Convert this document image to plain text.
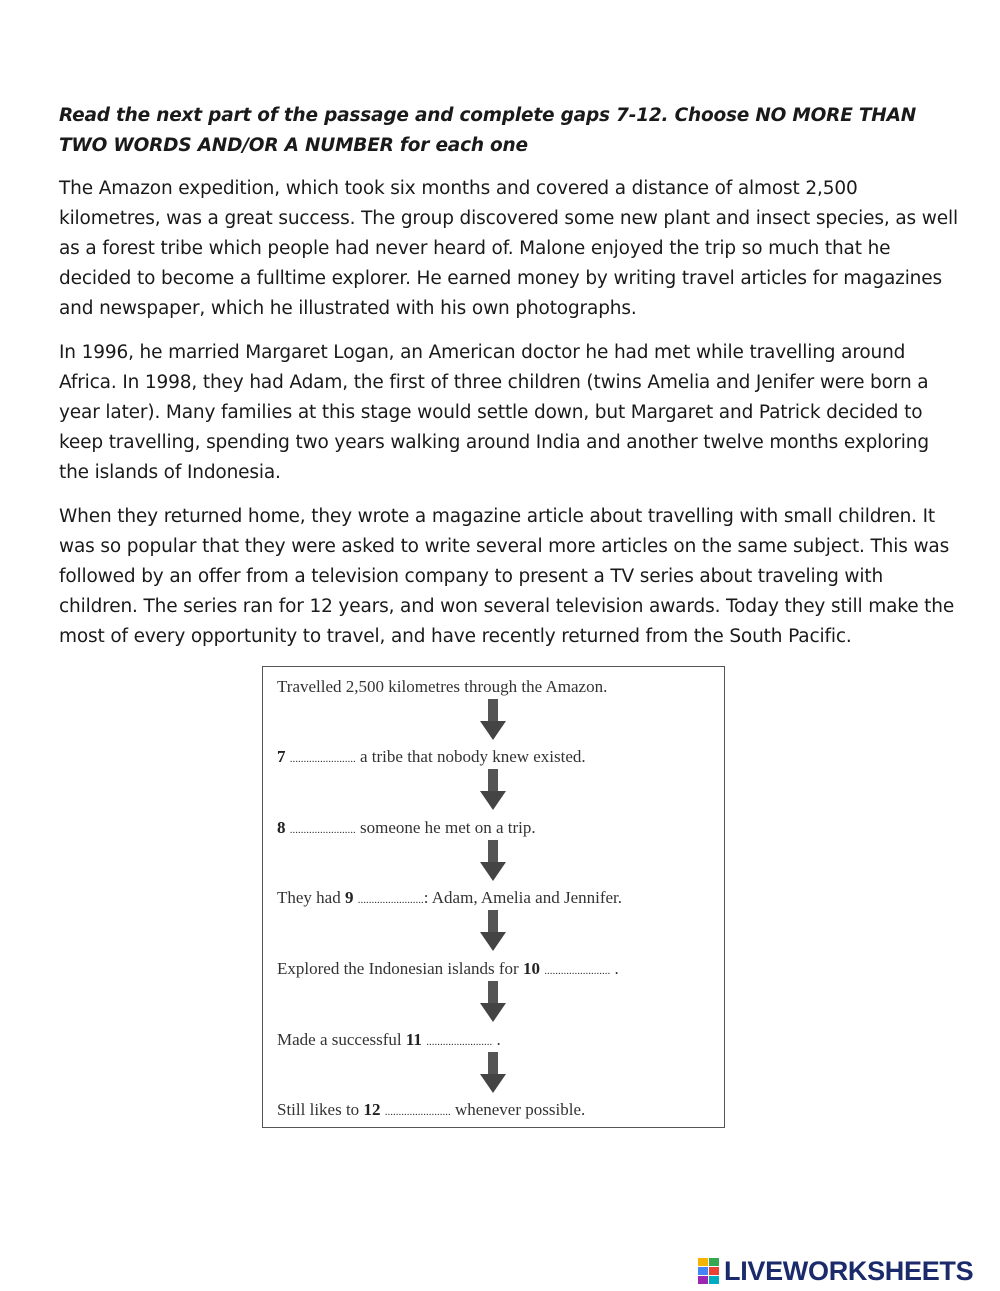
Read the next part of the passage and complete gaps 7-12. Choose NO MORE THAN TWO WORDS AND/OR A NUMBER for each one

The Amazon expedition, which took six months and covered a distance of almost 2,500 kilometres, was a great success. The group discovered some new plant and insect species, as well as a forest tribe which people had never heard of. Malone enjoyed the trip so much that he decided to become a fulltime explorer. He earned money by writing travel articles for magazines and newspaper, which he illustrated with his own photographs.

In 1996, he married Margaret Logan, an American doctor he had met while travelling around Africa. In 1998, they had Adam, the first of three children (twins Amelia and Jenifer were born a year later). Many families at this stage would settle down, but Margaret and Patrick decided to keep travelling, spending two years walking around India and another twelve months exploring the islands of Indonesia.

When they returned home, they wrote a magazine article about travelling with small children. It was so popular that they were asked to write several more articles on the same subject. This was followed by an offer from a television company to present a TV series about traveling with children. The series ran for 12 years, and won several television awards. Today they still make the most of every opportunity to travel, and have recently returned from the South Pacific.

Travelled 2,500 kilometres through the Amazon.
7 ........................ a tribe that nobody knew existed.
8 ........................ someone he met on a trip.
They had 9 ........................: Adam, Amelia and Jennifer.
Explored the Indonesian islands for 10 ........................ .
Made a successful 11 ........................ .
Still likes to 12 ........................ whenever possible.
LIVEWORKSHEETS
